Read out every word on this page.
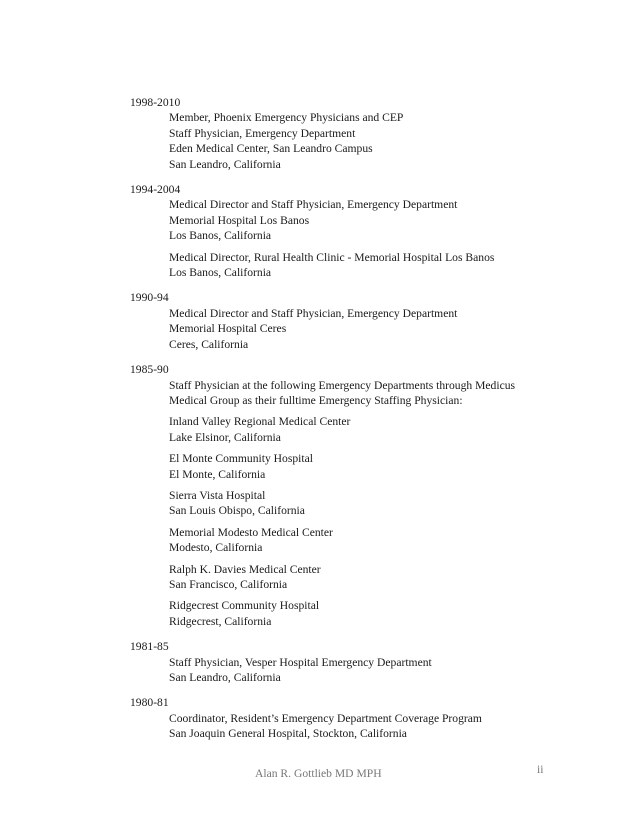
1998-2010
Member, Phoenix Emergency Physicians and CEP
Staff Physician, Emergency Department
Eden Medical Center, San Leandro Campus
San Leandro, California
1994-2004
Medical Director and Staff Physician, Emergency Department
Memorial Hospital Los Banos
Los Banos, California
Medical Director, Rural Health Clinic - Memorial Hospital Los Banos
Los Banos, California
1990-94
Medical Director and Staff Physician, Emergency Department
Memorial Hospital Ceres
Ceres, California
1985-90
Staff Physician at the following Emergency Departments through Medicus
Medical Group as their fulltime Emergency Staffing Physician:
Inland Valley Regional Medical Center
Lake Elsinor, California
El Monte Community Hospital
El Monte, California
Sierra Vista Hospital
San Louis Obispo, California
Memorial Modesto Medical Center
Modesto, California
Ralph K. Davies Medical Center
San Francisco, California
Ridgecrest Community Hospital
Ridgecrest, California
1981-85
Staff Physician, Vesper Hospital Emergency Department
San Leandro, California
1980-81
Coordinator, Resident’s Emergency Department Coverage Program
San Joaquin General Hospital, Stockton, California
Alan R. Gottlieb MD MPH	ii
